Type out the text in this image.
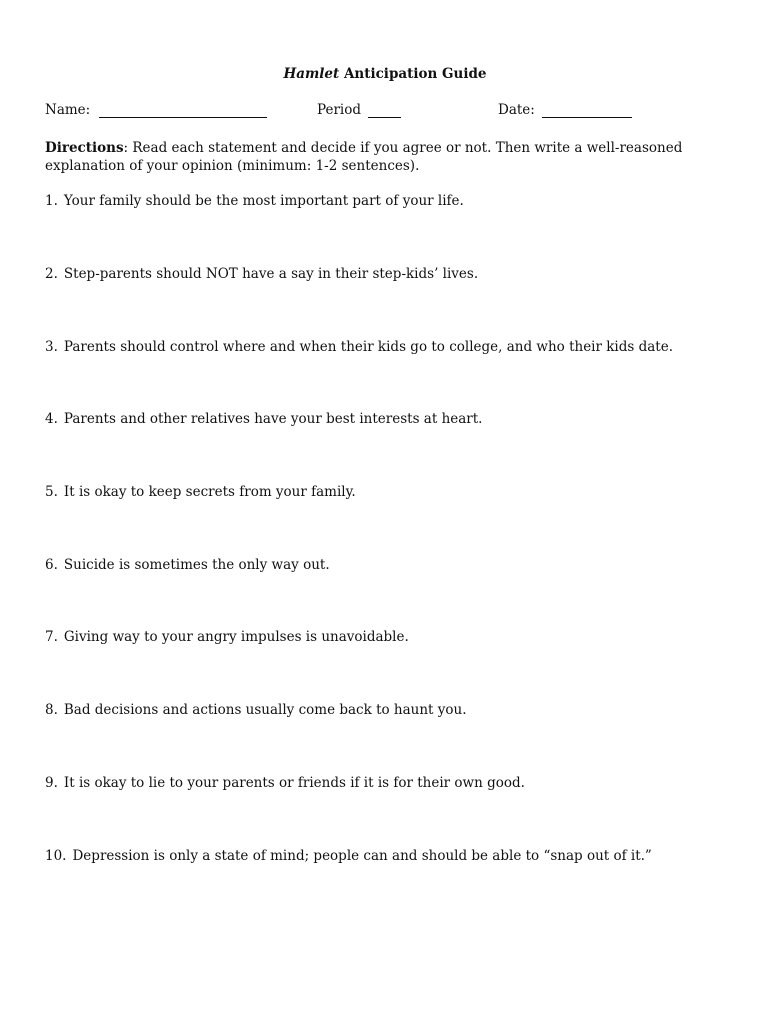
Hamlet Anticipation Guide
Name:	Period	Date:
Directions: Read each statement and decide if you agree or not. Then write a well-reasoned explanation of your opinion (minimum: 1-2 sentences).
1. Your family should be the most important part of your life.
2. Step-parents should NOT have a say in their step-kids’ lives.
3. Parents should control where and when their kids go to college, and who their kids date.
4. Parents and other relatives have your best interests at heart.
5. It is okay to keep secrets from your family.
6. Suicide is sometimes the only way out.
7. Giving way to your angry impulses is unavoidable.
8. Bad decisions and actions usually come back to haunt you.
9. It is okay to lie to your parents or friends if it is for their own good.
10. Depression is only a state of mind; people can and should be able to “snap out of it.”
